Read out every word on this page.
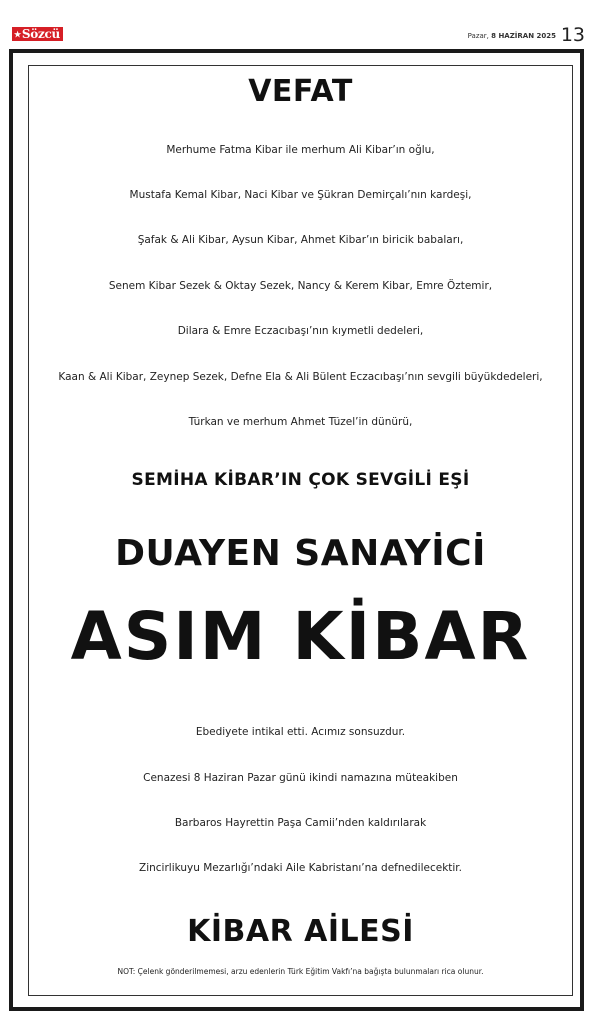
★Sözcü	Pazar, 8 HAZİRAN 2025 13
VEFAT
Merhume Fatma Kibar ile merhum Ali Kibar’ın oğlu,
Mustafa Kemal Kibar, Naci Kibar ve Şükran Demirçalı’nın kardeşi,
Şafak & Ali Kibar, Aysun Kibar, Ahmet Kibar’ın biricik babaları,
Senem Kibar Sezek & Oktay Sezek, Nancy & Kerem Kibar, Emre Öztemir,
Dilara & Emre Eczacıbaşı’nın kıymetli dedeleri,
Kaan & Ali Kibar, Zeynep Sezek, Defne Ela & Ali Bülent Eczacıbaşı’nın sevgili büyükdedeleri,
Türkan ve merhum Ahmet Tüzel’in dünürü,
SEMİHA KİBAR’IN ÇOK SEVGİLİ EŞİ
DUAYEN SANAYİCİ
ASIM KİBAR
Ebediyete intikal etti. Acımız sonsuzdur.
Cenazesi 8 Haziran Pazar günü ikindi namazına müteakiben
Barbaros Hayrettin Paşa Camii’nden kaldırılarak
Zincirlikuyu Mezarlığı’ndaki Aile Kabristanı’na defnedilecektir.
KİBAR AİLESİ
NOT: Çelenk gönderilmemesi, arzu edenlerin Türk Eğitim Vakfı’na bağışta bulunmaları rica olunur.
